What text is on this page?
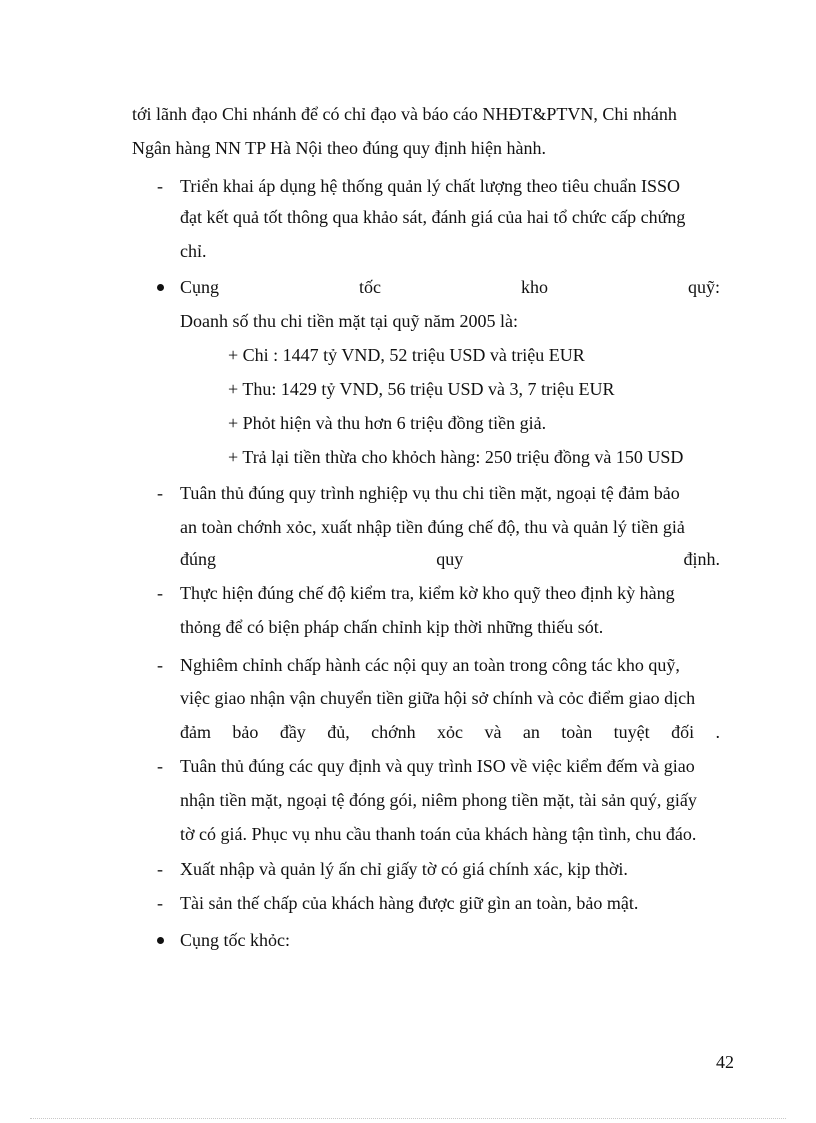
tới lãnh đạo Chi nhánh để có chỉ đạo và báo cáo NHĐT&PTVN, Chi nhánh
Ngân hàng NN TP Hà Nội theo đúng quy định hiện hành.
- Triển khai áp dụng hệ thống quản lý chất lượng theo tiêu chuẩn ISSO
đạt kết quả tốt thông qua khảo sát, đánh giá của hai tổ chức cấp chứng
chỉ.
Cụng	tốc	kho	quỹ:
Doanh số thu chi tiền mặt tại quỹ năm 2005 là:
+ Chi : 1447 tỷ VND, 52 triệu USD và triệu EUR
+ Thu: 1429 tỷ VND, 56 triệu USD và 3, 7 triệu EUR
+ Phỏt hiện và thu hơn 6 triệu đồng tiền giả.
+ Trả lại tiền thừa cho khỏch hàng: 250 triệu đồng và 150 USD
- Tuân thủ đúng quy trình nghiệp vụ thu chi tiền mặt, ngoại tệ đảm bảo
an toàn chớnh xỏc, xuất nhập tiền đúng chế độ, thu và quản lý tiền giả
đúng	quy	định.
- Thực hiện đúng chế độ kiểm tra, kiểm kờ kho quỹ theo định kỳ hàng
thỏng để có biện pháp chấn chỉnh kịp thời những thiếu sót.
- Nghiêm chỉnh chấp hành các nội quy an toàn trong công tác kho quỹ,
việc giao nhận vận chuyển tiền giữa hội sở chính và cỏc điểm giao dịch
đảm bảo đầy đủ, chớnh xỏc và an toàn tuyệt đối .
- Tuân thủ đúng các quy định và quy trình ISO về việc kiểm đếm và giao
nhận tiền mặt, ngoại tệ đóng gói, niêm phong tiền mặt, tài sản quý, giấy
tờ có giá. Phục vụ nhu cầu thanh toán của khách hàng tận tình, chu đáo.
- Xuất nhập và quản lý ấn chỉ giấy tờ có giá chính xác, kịp thời.
- Tài sản thế chấp của khách hàng được giữ gìn an toàn, bảo mật.
Cụng tốc khỏc:
42
